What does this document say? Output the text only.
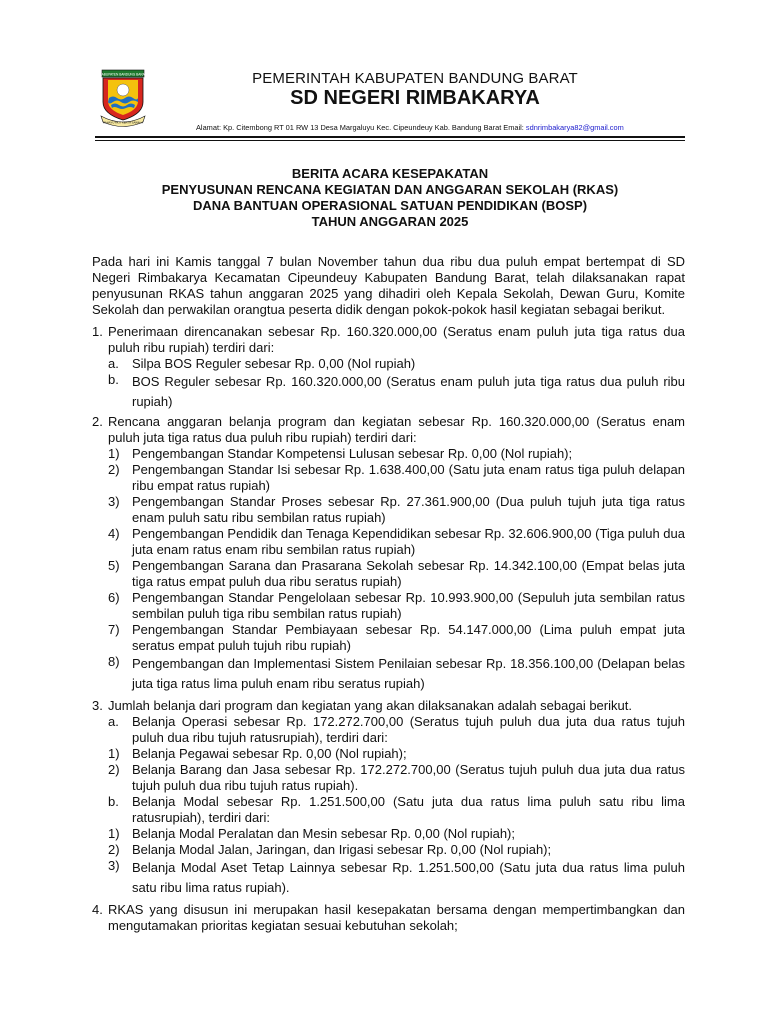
KABUPATEN BANDUNG BARAT
RAHAYU AKTI KERTA SAWALA
PEMERINTAH KABUPATEN BANDUNG BARAT
SD NEGERI RIMBAKARYA
Alamat: Kp. Citembong RT 01 RW 13 Desa Margaluyu Kec. Cipeundeuy Kab. Bandung Barat Email: sdnrimbakarya82@gmail.com
BERITA ACARA KESEPAKATAN
PENYUSUNAN RENCANA KEGIATAN DAN ANGGARAN SEKOLAH (RKAS)
DANA BANTUAN OPERASIONAL SATUAN PENDIDIKAN (BOSP)
TAHUN ANGGARAN 2025
Pada hari ini Kamis tanggal 7 bulan November tahun dua ribu dua puluh empat bertempat di SD Negeri Rimbakarya Kecamatan Cipeundeuy Kabupaten Bandung Barat, telah dilaksanakan rapat penyusunan RKAS tahun anggaran 2025 yang dihadiri oleh Kepala Sekolah, Dewan Guru, Komite Sekolah dan perwakilan orangtua peserta didik dengan pokok-pokok hasil kegiatan sebagai berikut.
1. Penerimaan direncanakan sebesar Rp. 160.320.000,00 (Seratus enam puluh juta tiga ratus dua puluh ribu rupiah) terdiri dari:
a.	Silpa BOS Reguler sebesar Rp. 0,00 (Nol rupiah)
b.	BOS Reguler sebesar Rp. 160.320.000,00 (Seratus enam puluh juta tiga ratus dua puluh ribu rupiah)
2. Rencana anggaran belanja program dan kegiatan sebesar Rp. 160.320.000,00 (Seratus enam puluh juta tiga ratus dua puluh ribu rupiah) terdiri dari:
1) Pengembangan Standar Kompetensi Lulusan sebesar Rp. 0,00 (Nol rupiah);
2) Pengembangan Standar Isi sebesar Rp. 1.638.400,00 (Satu juta enam ratus tiga puluh delapan ribu empat ratus rupiah)
3) Pengembangan Standar Proses sebesar Rp. 27.361.900,00 (Dua puluh tujuh juta tiga ratus enam puluh satu ribu sembilan ratus rupiah)
4) Pengembangan Pendidik dan Tenaga Kependidikan sebesar Rp. 32.606.900,00 (Tiga puluh dua juta enam ratus enam ribu sembilan ratus rupiah)
5) Pengembangan Sarana dan Prasarana Sekolah sebesar Rp. 14.342.100,00 (Empat belas juta tiga ratus empat puluh dua ribu seratus rupiah)
6) Pengembangan Standar Pengelolaan sebesar Rp. 10.993.900,00 (Sepuluh juta sembilan ratus sembilan puluh tiga ribu sembilan ratus rupiah)
7) Pengembangan Standar Pembiayaan sebesar Rp. 54.147.000,00 (Lima puluh empat juta seratus empat puluh tujuh ribu rupiah)
8) Pengembangan dan Implementasi Sistem Penilaian sebesar Rp. 18.356.100,00 (Delapan belas juta tiga ratus lima puluh enam ribu seratus rupiah)
3. Jumlah belanja dari program dan kegiatan yang akan dilaksanakan adalah sebagai berikut.
a.	Belanja Operasi sebesar Rp. 172.272.700,00 (Seratus tujuh puluh dua juta dua ratus tujuh puluh dua ribu tujuh ratusrupiah), terdiri dari:
1) Belanja Pegawai sebesar Rp. 0,00 (Nol rupiah);
2) Belanja Barang dan Jasa sebesar Rp. 172.272.700,00 (Seratus tujuh puluh dua juta dua ratus tujuh puluh dua ribu tujuh ratus rupiah).
b.	Belanja Modal sebesar Rp. 1.251.500,00 (Satu juta dua ratus lima puluh satu ribu lima ratusrupiah), terdiri dari:
1) Belanja Modal Peralatan dan Mesin sebesar Rp. 0,00 (Nol rupiah);
2) Belanja Modal Jalan, Jaringan, dan Irigasi sebesar Rp. 0,00 (Nol rupiah);
3) Belanja Modal Aset Tetap Lainnya sebesar Rp. 1.251.500,00 (Satu juta dua ratus lima puluh satu ribu lima ratus rupiah).
4. RKAS yang disusun ini merupakan hasil kesepakatan bersama dengan mempertimbangkan dan mengutamakan prioritas kegiatan sesuai kebutuhan sekolah;
